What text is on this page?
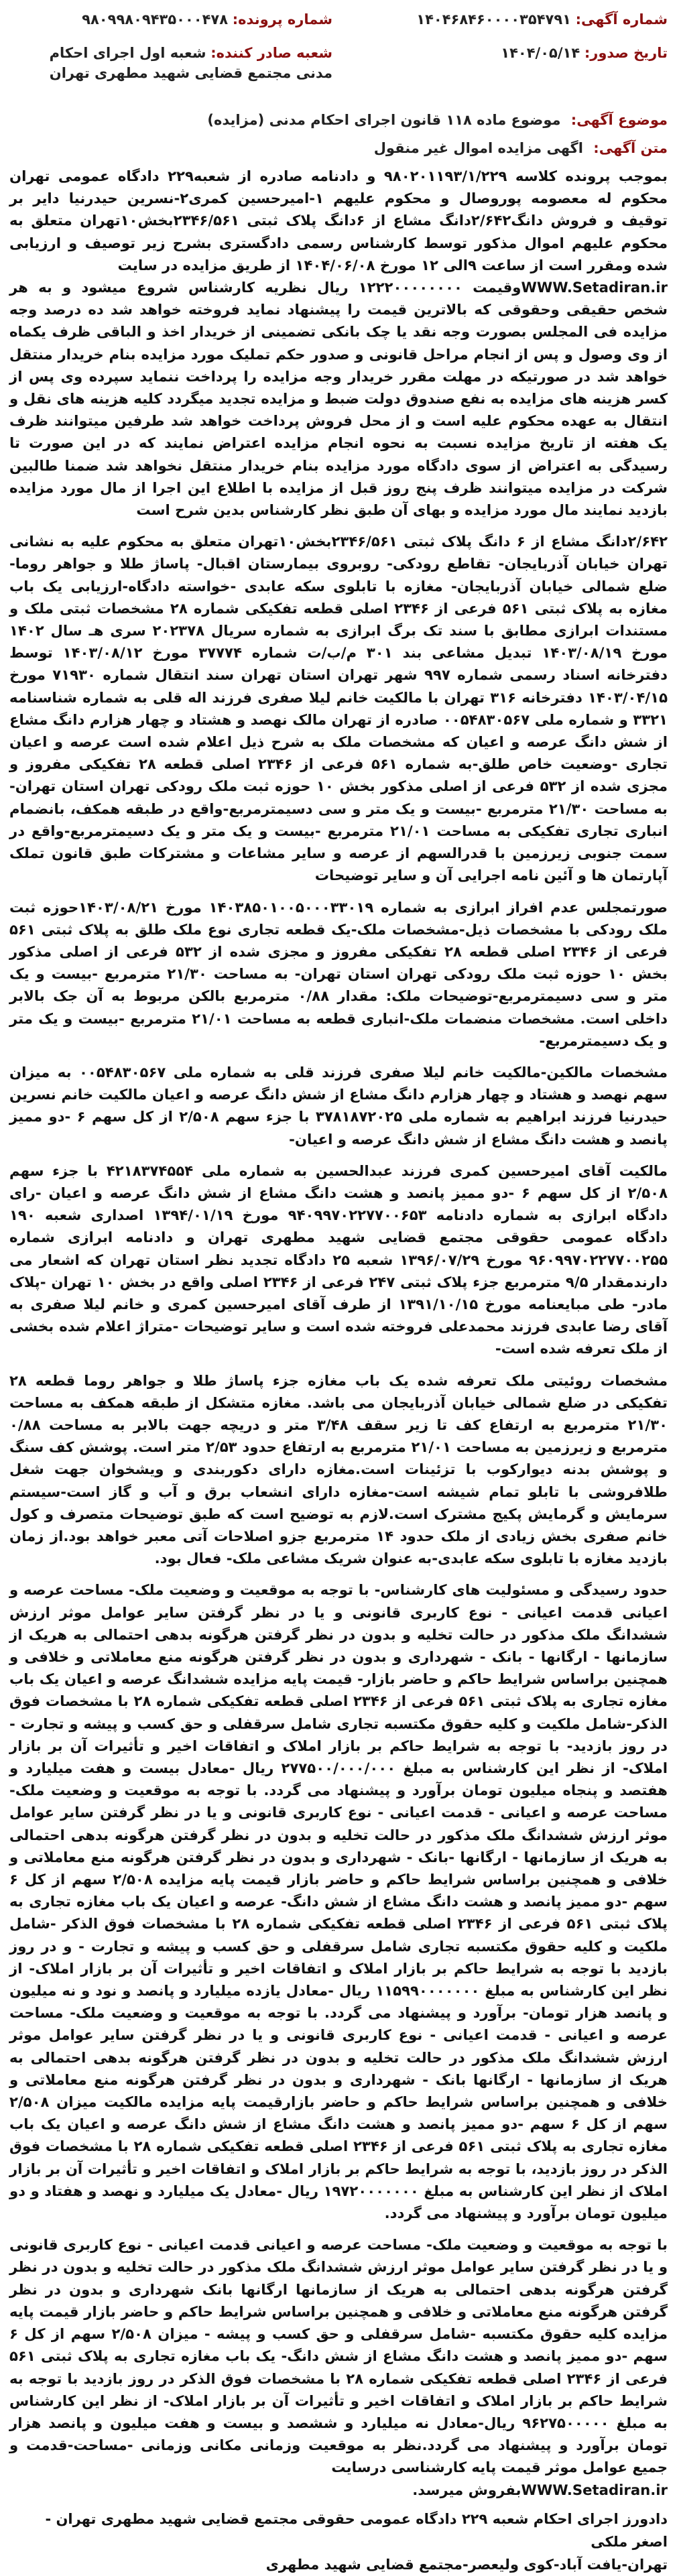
شماره آگهی: ۱۴۰۴۶۸۴۶۰۰۰۰۳۵۴۷۹۱
شماره پرونده: ۹۸۰۹۹۸۰۹۴۳۵۰۰۰۴۷۸
تاریخ صدور: ۱۴۰۴/۰۵/۱۴
شعبه صادر کننده: شعبه اول اجرای احکام مدنی مجتمع قضایی شهید مطهری تهران
موضوع آگهی: موضوع ماده ۱۱۸ قانون اجرای احکام مدنی (مزایده)
متن آگهی: اگهی مزایده اموال غیر منقول

بموجب پرونده کلاسه ۹۸۰۲۰۱۱۹۳/۱/۲۲۹ و دادنامه صادره از شعبه۲۲۹ دادگاه عمومی تهران محکوم له معصومه پوروصال و محکوم علیهم ۱-امیرحسین کمری۲-نسرین حیدرنیا دایر بر توقیف و فروش دانگ۲/۶۴۲دانگ مشاع از ۶دانگ پلاک ثبتی ۲۳۴۶/۵۶۱بخش۱۰تهران متعلق به محکوم علیهم اموال مذکور توسط کارشناس رسمی دادگستری بشرح زیر توصیف و ارزیابی شده ومقرر است از ساعت ۹الی ۱۲ مورخ ۱۴۰۴/۰۶/۰۸ از طریق مزایده در سایت

WWW.Setadiran.irوقیمت ۱۲۲۲۰۰۰۰۰۰۰۰ ریال نظریه کارشناس شروع میشود و به هر شخص حقیقی وحقوقی که بالاترین قیمت را پیشنهاد نماید فروخته خواهد شد ده درصد وجه مزایده فی المجلس بصورت وجه نقد یا چک بانکی تضمینی از خریدار اخذ و الباقی ظرف یکماه از وی وصول و پس از انجام مراحل قانونی و صدور حکم تملیک مورد مزایده بنام خریدار منتقل خواهد شد در صورتیکه در مهلت مقرر خریدار وجه مزایده را پرداخت ننماید سپرده وی پس از کسر هزینه های مزایده به نفع صندوق دولت ضبط و مزایده تجدید میگردد کلیه هزینه های نقل و انتقال به عهده محکوم علیه است و از محل فروش پرداخت خواهد شد طرفین میتوانند ظرف یک هفته از تاریخ مزایده نسبت به نحوه انجام مزایده اعتراض نمایند که در این صورت تا رسیدگی به اعتراض از سوی دادگاه مورد مزایده بنام خریدار منتقل نخواهد شد ضمنا طالبین شرکت در مزایده میتوانند ظرف پنج روز قبل از مزایده با اطلاع این اجرا از مال مورد مزایده بازدید نمایند مال مورد مزایده و بهای آن طبق نظر کارشناس بدین شرح است

۲/۶۴۲دانگ مشاع از ۶ دانگ پلاک ثبتی ۲۳۴۶/۵۶۱بخش۱۰تهران متعلق به محکوم علیه به نشانی تهران خیابان آذربایجان- تقاطع رودکی- روبروی بیمارستان اقبال- پاساژ طلا و جواهر روما-ضلع شمالی خیابان آذربایجان- مغازه با تابلوی سکه عابدی -خواسته دادگاه-ارزیابی یک باب مغازه به پلاک ثبتی ۵۶۱ فرعی از ۲۳۴۶ اصلی قطعه تفکیکی شماره ۲۸ مشخصات ثبتی ملک و مستندات ابرازی مطابق با سند تک برگ ابرازی به شماره سریال ۲۰۲۳۷۸ سری هـ سال ۱۴۰۲ مورخ ۱۴۰۳/۰۸/۱۹ تبدیل مشاعی بند ۳۰۱ م/ب/ت شماره ۳۷۷۷۴ مورخ ۱۴۰۳/۰۸/۱۲ توسط دفترخانه اسناد رسمی شماره ۹۹۷ شهر تهران استان تهران سند انتقال شماره ۷۱۹۳۰ مورخ ۱۴۰۳/۰۴/۱۵ دفترخانه ۳۱۶ تهران با مالکیت خانم لیلا صفری فرزند اله قلی به شماره شناسنامه ۳۳۲۱ و شماره ملی ۰۰۵۴۸۳۰۵۶۷ صادره از تهران مالک نهصد و هشتاد و چهار هزارم دانگ مشاع از شش دانگ عرصه و اعیان که مشخصات ملک به شرح ذیل اعلام شده است عرصه و اعیان تجاری -وضعیت خاص طلق-به شماره ۵۶۱ فرعی از ۲۳۴۶ اصلی قطعه ۲۸ تفکیکی مفروز و مجزی شده از ۵۳۲ فرعی از اصلی مذکور بخش ۱۰ حوزه ثبت ملک رودکی تهران استان تهران- به مساحت ۲۱/۳۰ مترمربع -بیست و یک متر و سی دسیمترمربع-واقع در طبقه همکف، بانضمام انباری تجاری تفکیکی به مساحت ۲۱/۰۱ مترمربع -بیست و یک متر و یک دسیمترمربع-واقع در سمت جنوبی زیرزمین با قدرالسهم از عرصه و سایر مشاعات و مشترکات طبق قانون تملک آپارتمان ها و آئین نامه اجرایی آن و سایر توضیحات

صورتمجلس عدم افراز ابرازی به شماره ۱۴۰۳۸۵۰۱۰۰۵۰۰۰۳۳۰۱۹ مورخ ۱۴۰۳/۰۸/۲۱حوزه ثبت ملک رودکی با مشخصات ذیل-مشخصات ملک-یک قطعه تجاری نوع ملک طلق به پلاک ثبتی ۵۶۱ فرعی از ۲۳۴۶ اصلی قطعه ۲۸ تفکیکی مفروز و مجزی شده از ۵۳۲ فرعی از اصلی مذکور بخش ۱۰ حوزه ثبت ملک رودکی تهران استان تهران- به مساحت ۲۱/۳۰ مترمربع -بیست و یک متر و سی دسیمترمربع-توضیحات ملک: مقدار ۰/۸۸ مترمربع بالکن مربوط به آن جک بالابر داخلی است. مشخصات منضمات ملک-انباری قطعه به مساحت ۲۱/۰۱ مترمربع -بیست و یک متر و یک دسیمترمربع-

مشخصات مالکین-مالکیت خانم لیلا صفری فرزند قلی به شماره ملی ۰۰۵۴۸۳۰۵۶۷ به میزان سهم نهصد و هشتاد و چهار هزارم دانگ مشاع از شش دانگ عرصه و اعیان مالکیت خانم نسرین حیدرنیا فرزند ابراهیم به شماره ملی ۳۷۸۱۸۷۲۰۲۵ با جزء سهم ۲/۵۰۸ از کل سهم ۶ -دو ممیز پانصد و هشت دانگ مشاع از شش دانگ عرصه و اعیان-

مالکیت آقای امیرحسین کمری فرزند عبدالحسین به شماره ملی ۴۲۱۸۳۷۴۵۵۴ با جزء سهم ۲/۵۰۸ از کل سهم ۶ -دو ممیز پانصد و هشت دانگ مشاع از شش دانگ عرصه و اعیان -رای دادگاه ابرازی به شماره دادنامه ۹۴۰۹۹۷۰۲۲۷۷۰۰۶۵۳ مورخ ۱۳۹۴/۰۱/۱۹ اصداری شعبه ۱۹۰ دادگاه عمومی حقوقی مجتمع قضایی شهید مطهری تهران و دادنامه ابرازی شماره ۹۶۰۹۹۷۰۲۲۷۷۰۰۲۵۵ مورخ ۱۳۹۶/۰۷/۲۹ شعبه ۲۵ دادگاه تجدید نظر استان تهران که اشعار می دارندمقدار ۹/۵ مترمربع جزء پلاک ثبتی ۲۴۷ فرعی از ۲۳۴۶ اصلی واقع در بخش ۱۰ تهران -پلاک مادر- طی مبایعنامه مورخ ۱۳۹۱/۱۰/۱۵ از طرف آقای امیرحسین کمری و خانم لیلا صفری به آقای رضا عابدی فرزند محمدعلی فروخته شده است و سایر توضیحات -متراژ اعلام شده بخشی از ملک تعرفه شده است-

مشخصات روئیتی ملک تعرفه شده یک باب مغازه جزء پاساژ طلا و جواهر روما قطعه ۲۸ تفکیکی در ضلع شمالی خیابان آذربایجان می باشد. مغازه متشکل از طبقه همکف به مساحت ۲۱/۳۰ مترمربع به ارتفاع کف تا زیر سقف ۳/۴۸ متر و دریچه جهت بالابر به مساحت ۰/۸۸ مترمربع و زیرزمین به مساحت ۲۱/۰۱ مترمربع به ارتفاع حدود ۲/۵۳ متر است. پوشش کف سنگ و پوشش بدنه دیوارکوب با تزئینات است.مغازه دارای دکوربندی و ویشخوان جهت شغل طلافروشی با تابلو تمام شیشه است-مغازه دارای انشعاب برق و آب و گاز است-سیستم سرمایش و گرمایش پکیج مشترک است.لازم به توضیح است که طبق توضیحات متصرف و کول خانم صفری بخش زیادی از ملک حدود ۱۴ مترمربع جزو اصلاحات آتی معبر خواهد بود.از زمان بازدید مغازه با تابلوی سکه عابدی-به عنوان شریک مشاعی ملک- فعال بود.

حدود رسیدگی و مسئولیت های کارشناس- با توجه به موقعیت و وضعیت ملک- مساحت عرصه و اعیانی قدمت اعیانی - نوع کاربری قانونی و یا در نظر گرفتن سایر عوامل موثر ارزش ششدانگ ملک مذکور در حالت تخلیه و بدون در نظر گرفتن هرگونه بدهی احتمالی به هریک از سازمانها - ارگانها - بانک - شهرداری و بدون در نظر گرفتن هرگونه منع معاملاتی و خلافی و همچنین براساس شرایط حاکم و حاضر بازار- قیمت پایه مزایده ششدانگ عرصه و اعیان یک باب مغازه تجاری به پلاک ثبتی ۵۶۱ فرعی از ۲۳۴۶ اصلی قطعه تفکیکی شماره ۲۸ با مشخصات فوق الذکر-شامل ملکیت و کلیه حقوق مکتسبه تجاری شامل سرقفلی و حق کسب و پیشه و تجارت - در روز بازدید- با توجه به شرایط حاکم بر بازار املاک و اتفاقات اخیر و تأثیرات آن بر بازار املاک- از نظر این کارشناس به مبلغ ۲۷۷۵۰۰/۰۰۰/۰۰۰ ریال -معادل بیست و هفت میلیارد و هفتصد و پنجاه میلیون تومان برآورد و پیشنهاد می گردد. با توجه به موقعیت و وضعیت ملک- مساحت عرصه و اعیانی - قدمت اعیانی - نوع کاربری قانونی و یا در نظر گرفتن سایر عوامل موثر ارزش ششدانگ ملک مذکور در حالت تخلیه و بدون در نظر گرفتن هرگونه بدهی احتمالی به هریک از سازمانها - ارگانها -بانک - شهرداری و بدون در نظر گرفتن هرگونه منع معاملاتی و خلافی و همچنین براساس شرایط حاکم و حاضر بازار قیمت پایه مزایده ۲/۵۰۸ سهم از کل ۶ سهم -دو ممیز پانصد و هشت دانگ مشاع از شش دانگ- عرصه و اعیان یک باب مغازه تجاری به پلاک ثبتی ۵۶۱ فرعی از ۲۳۴۶ اصلی قطعه تفکیکی شماره ۲۸ با مشخصات فوق الذکر -شامل ملکیت و کلیه حقوق مکتسبه تجاری شامل سرقفلی و حق کسب و پیشه و تجارت - و در روز بازدید با توجه به شرایط حاکم بر بازار املاک و اتفاقات اخیر و تأثیرات آن بر بازار املاک- از نظر این کارشناس به مبلغ ۱۱۵۹۹۰۰۰۰۰۰۰ ریال -معادل یازده میلیارد و پانصد و نود و نه میلیون و پانصد هزار تومان- برآورد و پیشنهاد می گردد. با توجه به موقعیت و وضعیت ملک- مساحت عرصه و اعیانی - قدمت اعیانی - نوع کاربری قانونی و یا در نظر گرفتن سایر عوامل موثر ارزش ششدانگ ملک مذکور در حالت تخلیه و بدون در نظر گرفتن هرگونه بدهی احتمالی به هریک از سازمانها - ارگانها بانک - شهرداری و بدون در نظر گرفتن هرگونه منع معاملاتی و خلافی و همچنین براساس شرایط حاکم و حاضر بازارقیمت پایه مزایده مالکیت میزان ۲/۵۰۸ سهم از کل ۶ سهم -دو ممیز پانصد و هشت دانگ مشاع از شش دانگ عرصه و اعیان یک باب مغازه تجاری به پلاک ثبتی ۵۶۱ فرعی از ۲۳۴۶ اصلی قطعه تفکیکی شماره ۲۸ با مشخصات فوق الذکر در روز بازدید، با توجه به شرایط حاکم بر بازار املاک و اتفاقات اخیر و تأثیرات آن بر بازار املاک از نظر این کارشناس به مبلغ ۱۹۷۲۰۰۰۰۰۰۰ ریال -معادل یک میلیارد و نهصد و هفتاد و دو میلیون تومان برآورد و پیشنهاد می گردد.

با توجه به موقعیت و وضعیت ملک- مساحت عرصه و اعیانی قدمت اعیانی - نوع کاربری قانونی و یا در نظر گرفتن سایر عوامل موثر ارزش ششدانگ ملک مذکور در حالت تخلیه و بدون در نظر گرفتن هرگونه بدهی احتمالی به هریک از سازمانها ارگانها بانک شهرداری و بدون در نظر گرفتن هرگونه منع معاملاتی و خلافی و همچنین براساس شرایط حاکم و حاضر بازار قیمت پایه مزایده کلیه حقوق مکتسبه -شامل سرقفلی و حق کسب و پیشه - میزان ۲/۵۰۸ سهم از کل ۶ سهم -دو ممیز پانصد و هشت دانگ مشاع از شش دانگ- یک باب مغازه تجاری به پلاک ثبتی ۵۶۱ فرعی از ۲۳۴۶ اصلی قطعه تفکیکی شماره ۲۸ با مشخصات فوق الذکر در روز بازدید با توجه به شرایط حاکم بر بازار املاک و اتفاقات اخیر و تأثیرات آن بر بازار املاک- از نظر این کارشناس به مبلغ ۹۶۲۷۵۰۰۰۰۰ ریال-معادل نه میلیارد و ششصد و بیست و هفت میلیون و پانصد هزار تومان برآورد و پیشنهاد می گردد.نظر به موقعیت وزمانی مکانی وزمانی -مساحت-قدمت و جمیع عوامل موثر قیمت پایه کارشناسی درسایت

WWW.Setadiran.irبفروش میرسد.

دادورز اجرای احکام شعبه ۲۲۹ دادگاه عمومی حقوقی مجتمع قضایی شهید مطهری تهران - اصغر ملکی
تهران-یافت آباد-کوی ولیعصر-مجتمع قضایی شهید مطهری
